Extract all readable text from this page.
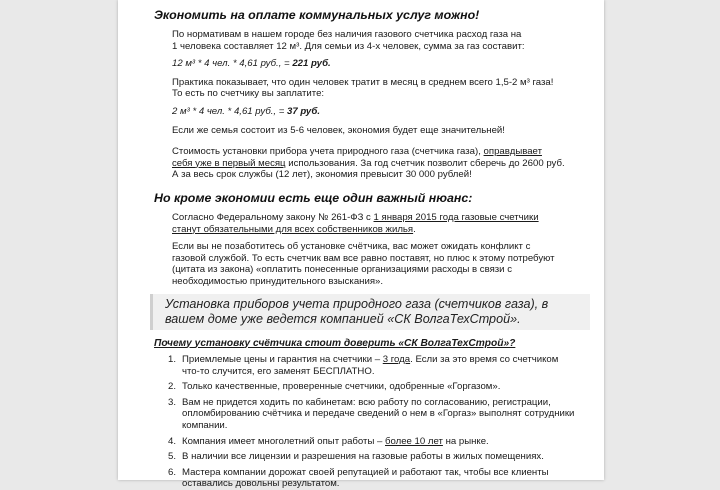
Экономить на оплате коммунальных услуг можно!

По нормативам в нашем городе без наличия газового счетчика расход газа на

1 человека составляет 12 м³. Для семьи из 4-х человек, сумма за газ составит:

12 м³ * 4 чел. * 4,61 руб., = 221 руб.

Практика показывает, что один человек тратит в месяц в среднем всего 1,5-2 м³ газа!

То есть по счетчику вы заплатите:

2 м³ * 4 чел. * 4,61 руб., = 37 руб.

Если же семья состоит из 5-6 человек, экономия будет еще значительней!

Стоимость установки прибора учета природного газа (счетчика газа), оправдывает

себя уже в первый месяц использования. За год счетчик позволит сберечь до 2600 руб.

А за весь срок службы (12 лет), экономия превысит 30 000 рублей!

Но кроме экономии есть еще один важный нюанс:

Согласно Федеральному закону № 261-ФЗ с 1 января 2015 года газовые счетчики

станут обязательными для всех собственников жилья.

Если вы не позаботитесь об установке счётчика, вас может ожидать конфликт с

газовой службой. То есть счетчик вам все равно поставят, но плюс к этому потребуют

(цитата из закона) «оплатить понесенные организациями расходы в связи с

необходимостью принудительного взыскания».

Установка приборов учета природного газа (счетчиков газа), в

вашем доме уже ведется компанией «СК ВолгаТехСтрой».

Почему установку счётчика стоит доверить «СК ВолгаТехСтрой»?

1. Приемлемые цены и гарантия на счетчики – 3 года. Если за это время со счетчиком

что-то случится, его заменят БЕСПЛАТНО.

2. Только качественные, проверенные счетчики, одобренные «Горгазом».

3. Вам не придется ходить по кабинетам: всю работу по согласованию, регистрации,

опломбированию счётчика и передаче сведений о нем в «Горгаз» выполнят сотрудники компании.

4. Компания имеет многолетний опыт работы – более 10 лет на рынке.

5. В наличии все лицензии и разрешения на газовые работы в жилых помещениях.

6. Мастера компании дорожат своей репутацией и работают так, чтобы все клиенты

оставались довольны результатом.
